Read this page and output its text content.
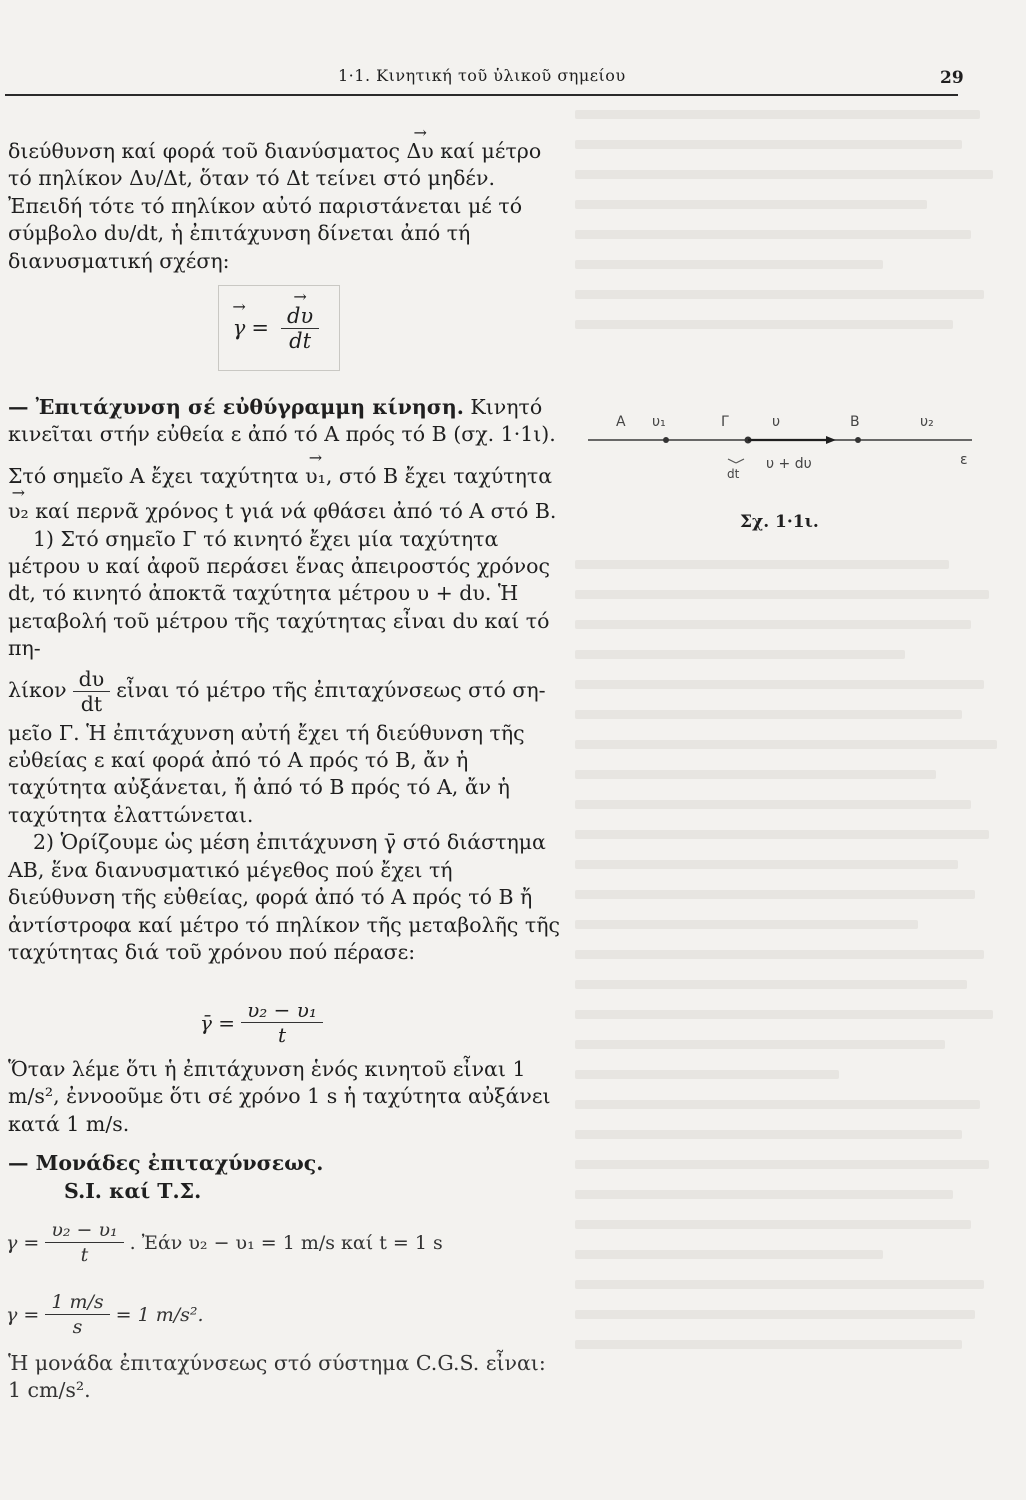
1·1. Κινητική τοῦ ὑλικοῦ σημείου	29

διεύθυνση καί φορά τοῦ διανύσματος → Δυ καί μέτρο τό πηλίκον Δυ/Δt, ὅταν τό Δt τείνει στό μηδέν. Ἐπειδή τότε τό πηλίκον αὐτό παριστάνεται μέ τό σύμβολο dυ/dt, ἡ ἐπιτάχυνση δίνεται ἀπό τή διανυσματική σχέση:

→ γ =
→ $\frac{d\upsilon}{dt}$

— Ἐπιτάχυνση σέ εὐθύγραμμη κίνηση. Κινητό κινεῖται στήν εὐθεία ε ἀπό τό Α πρός τό Β (σχ. 1·1ι).

Στό σημεῖο Α ἔχει ταχύτητα → υ₁, στό Β ἔχει ταχύτητα
→ υ₂ καί περνᾶ χρόνος t γιά νά φθάσει ἀπό τό Α στό Β.

1) Στό σημεῖο Γ τό κινητό ἔχει μία ταχύτητα μέτρου υ καί ἀφοῦ περάσει ἕνας ἀπειροστός χρόνος dt, τό κινητό ἀποκτᾶ ταχύτητα μέτρου υ + dυ. Ἡ μεταβολή τοῦ μέτρου τῆς ταχύτητας εἶναι dυ καί τό πη-

λίκον $\frac{d\upsilon}{dt}$ εἶναι τό μέτρο τῆς ἐπιταχύνσεως στό ση-

μεῖο Γ. Ἡ ἐπιτάχυνση αὐτή ἔχει τή διεύθυνση τῆς εὐθείας ε καί φορά ἀπό τό Α πρός τό Β, ἄν ἡ ταχύτητα αὐξάνεται, ἤ ἀπό τό Β πρός τό Α, ἄν ἡ ταχύτητα ἐλαττώνεται.

2) Ὁρίζουμε ὡς μέση ἐπιτάχυνση γ̄ στό διάστημα ΑΒ, ἕνα διανυσματικό μέγεθος πού ἔχει τή διεύθυνση τῆς εὐθείας, φορά ἀπό τό Α πρός τό Β ἤ ἀντίστροφα καί μέτρο τό πηλίκον τῆς μεταβολῆς τῆς ταχύτητας διά τοῦ χρόνου πού πέρασε:

γ̄ = $\frac{\text{υ₂ − υ₁}}{t}$

Ὅταν λέμε ὅτι ἡ ἐπιτάχυνση ἑνός κινητοῦ εἶναι 1 m/s², ἐννοοῦμε ὅτι σέ χρόνο 1 s ἡ ταχύτητα αὐξάνει κατά 1 m/s.

— Μονάδες ἐπιταχύνσεως.

S.I. καί Τ.Σ.

$\gamma = \frac{\text{υ₂ − υ₁}}{t}$ . Ἐάν υ₂ − υ₁ = 1 m/s καί t = 1 s
$\gamma = \frac{1 m/s}{s} = 1$ m/s².
Ἡ μονάδα ἐπιταχύνσεως στό σύστημα C.G.S. εἶναι: 1 cm/s².
Α υ₁	Γ	υ	Β	υ₂
ε
dt
υ + dυ
Σχ. 1·1ι.
